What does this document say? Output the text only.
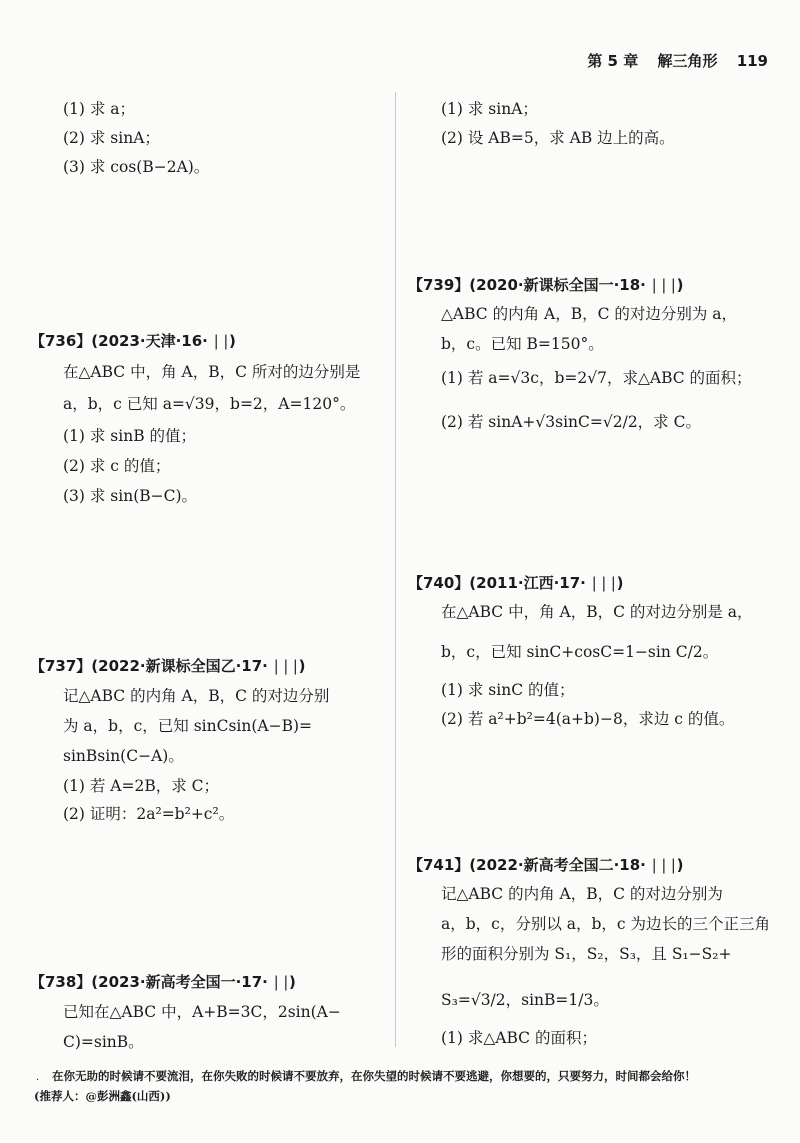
第 5 章 解三角形 119
(1) 求 a；
(2) 求 sinA；
(3) 求 cos(B−2A)。
【736】(2023·天津·16· ❘❘)
在△ABC 中，角 A，B，C 所对的边分别是
a，b，c 已知 a=√39，b=2，A=120°。
(1) 求 sinB 的值；
(2) 求 c 的值；
(3) 求 sin(B−C)。
【737】(2022·新课标全国乙·17· ❘❘❘)
记△ABC 的内角 A，B，C 的对边分别
为 a，b，c，已知 sinCsin(A−B)=
sinBsin(C−A)。
(1) 若 A=2B，求 C；
(2) 证明：2a²=b²+c²。
【738】(2023·新高考全国一·17· ❘❘)
已知在△ABC 中，A+B=3C，2sin(A−
C)=sinB。
(1) 求 sinA；
(2) 设 AB=5，求 AB 边上的高。
【739】(2020·新课标全国一·18· ❘❘❘)
△ABC 的内角 A，B，C 的对边分别为 a，
b，c。已知 B=150°。
(1) 若 a=√3c，b=2√7，求△ABC 的面积；
(2) 若 sinA+√3sinC=√2/2，求 C。
【740】(2011·江西·17· ❘❘❘)
在△ABC 中，角 A，B，C 的对边分别是 a，
b，c，已知 sinC+cosC=1−sin C/2。
(1) 求 sinC 的值；
(2) 若 a²+b²=4(a+b)−8，求边 c 的值。
【741】(2022·新高考全国二·18· ❘❘❘)
记△ABC 的内角 A，B，C 的对边分别为
a，b，c，分别以 a，b，c 为边长的三个正三角
形的面积分别为 S₁，S₂，S₃，且 S₁−S₂+
S₃=√3/2，sinB=1/3。
(1) 求△ABC 的面积；
. 在你无助的时候请不要流泪，在你失败的时候请不要放弃，在你失望的时候请不要逃避，你想要的，只要努力，时间都会给你！
(推荐人：@彭洲鑫(山西))
